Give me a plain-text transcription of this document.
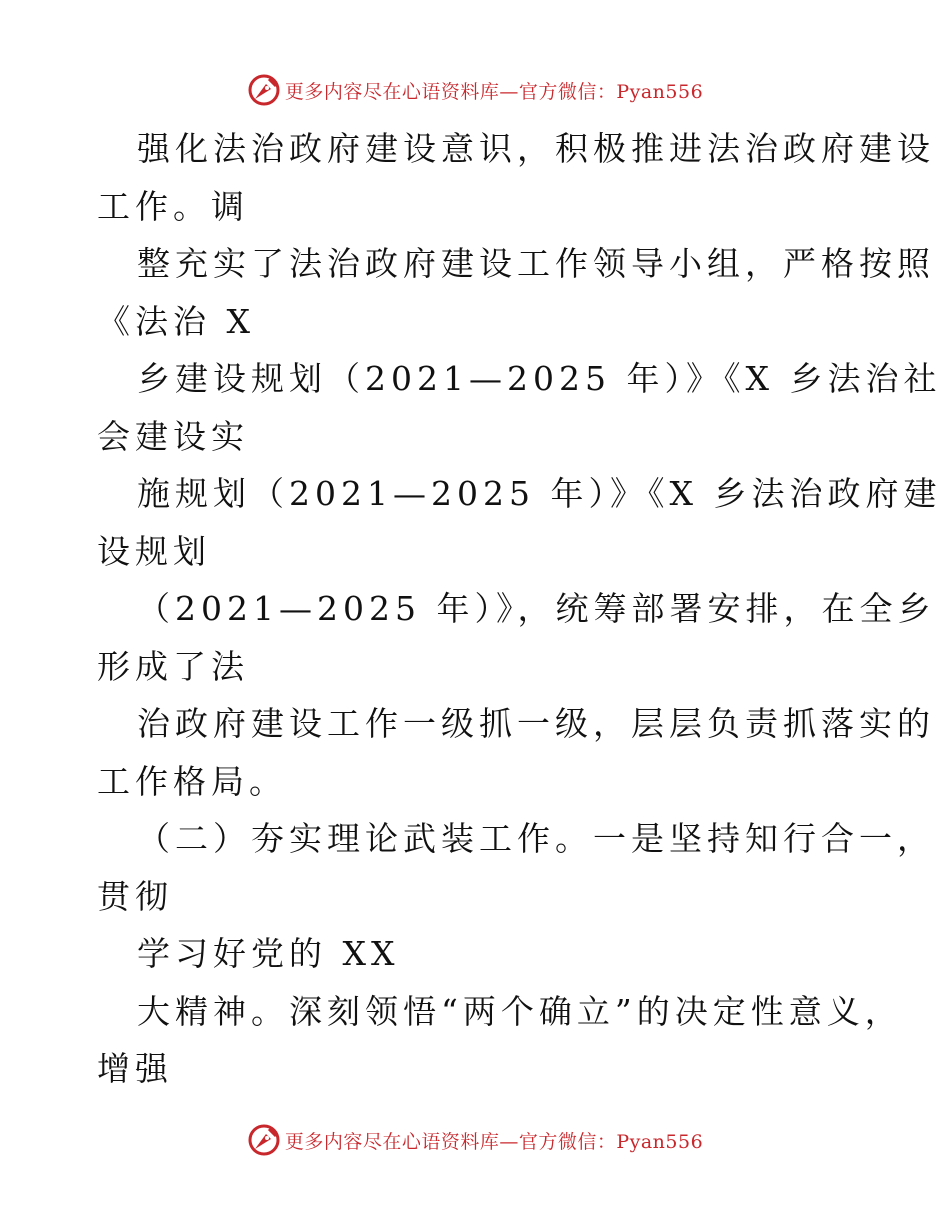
更多内容尽在心语资料库—官方微信：Pyan556
强化法治政府建设意识，积极推进法治政府建设
工作。调
整充实了法治政府建设工作领导小组，严格按照
《法治 X
乡建设规划（2021—2025 年）》《X 乡法治社
会建设实
施规划（2021—2025 年）》《X 乡法治政府建
设规划
（2021—2025 年）》，统筹部署安排，在全乡
形成了法
治政府建设工作一级抓一级，层层负责抓落实的
工作格局。
（二）夯实理论武装工作。一是坚持知行合一，
贯彻
学习好党的 XX
大精神。深刻领悟“两个确立”的决定性意义，
增强
更多内容尽在心语资料库—官方微信：Pyan556
